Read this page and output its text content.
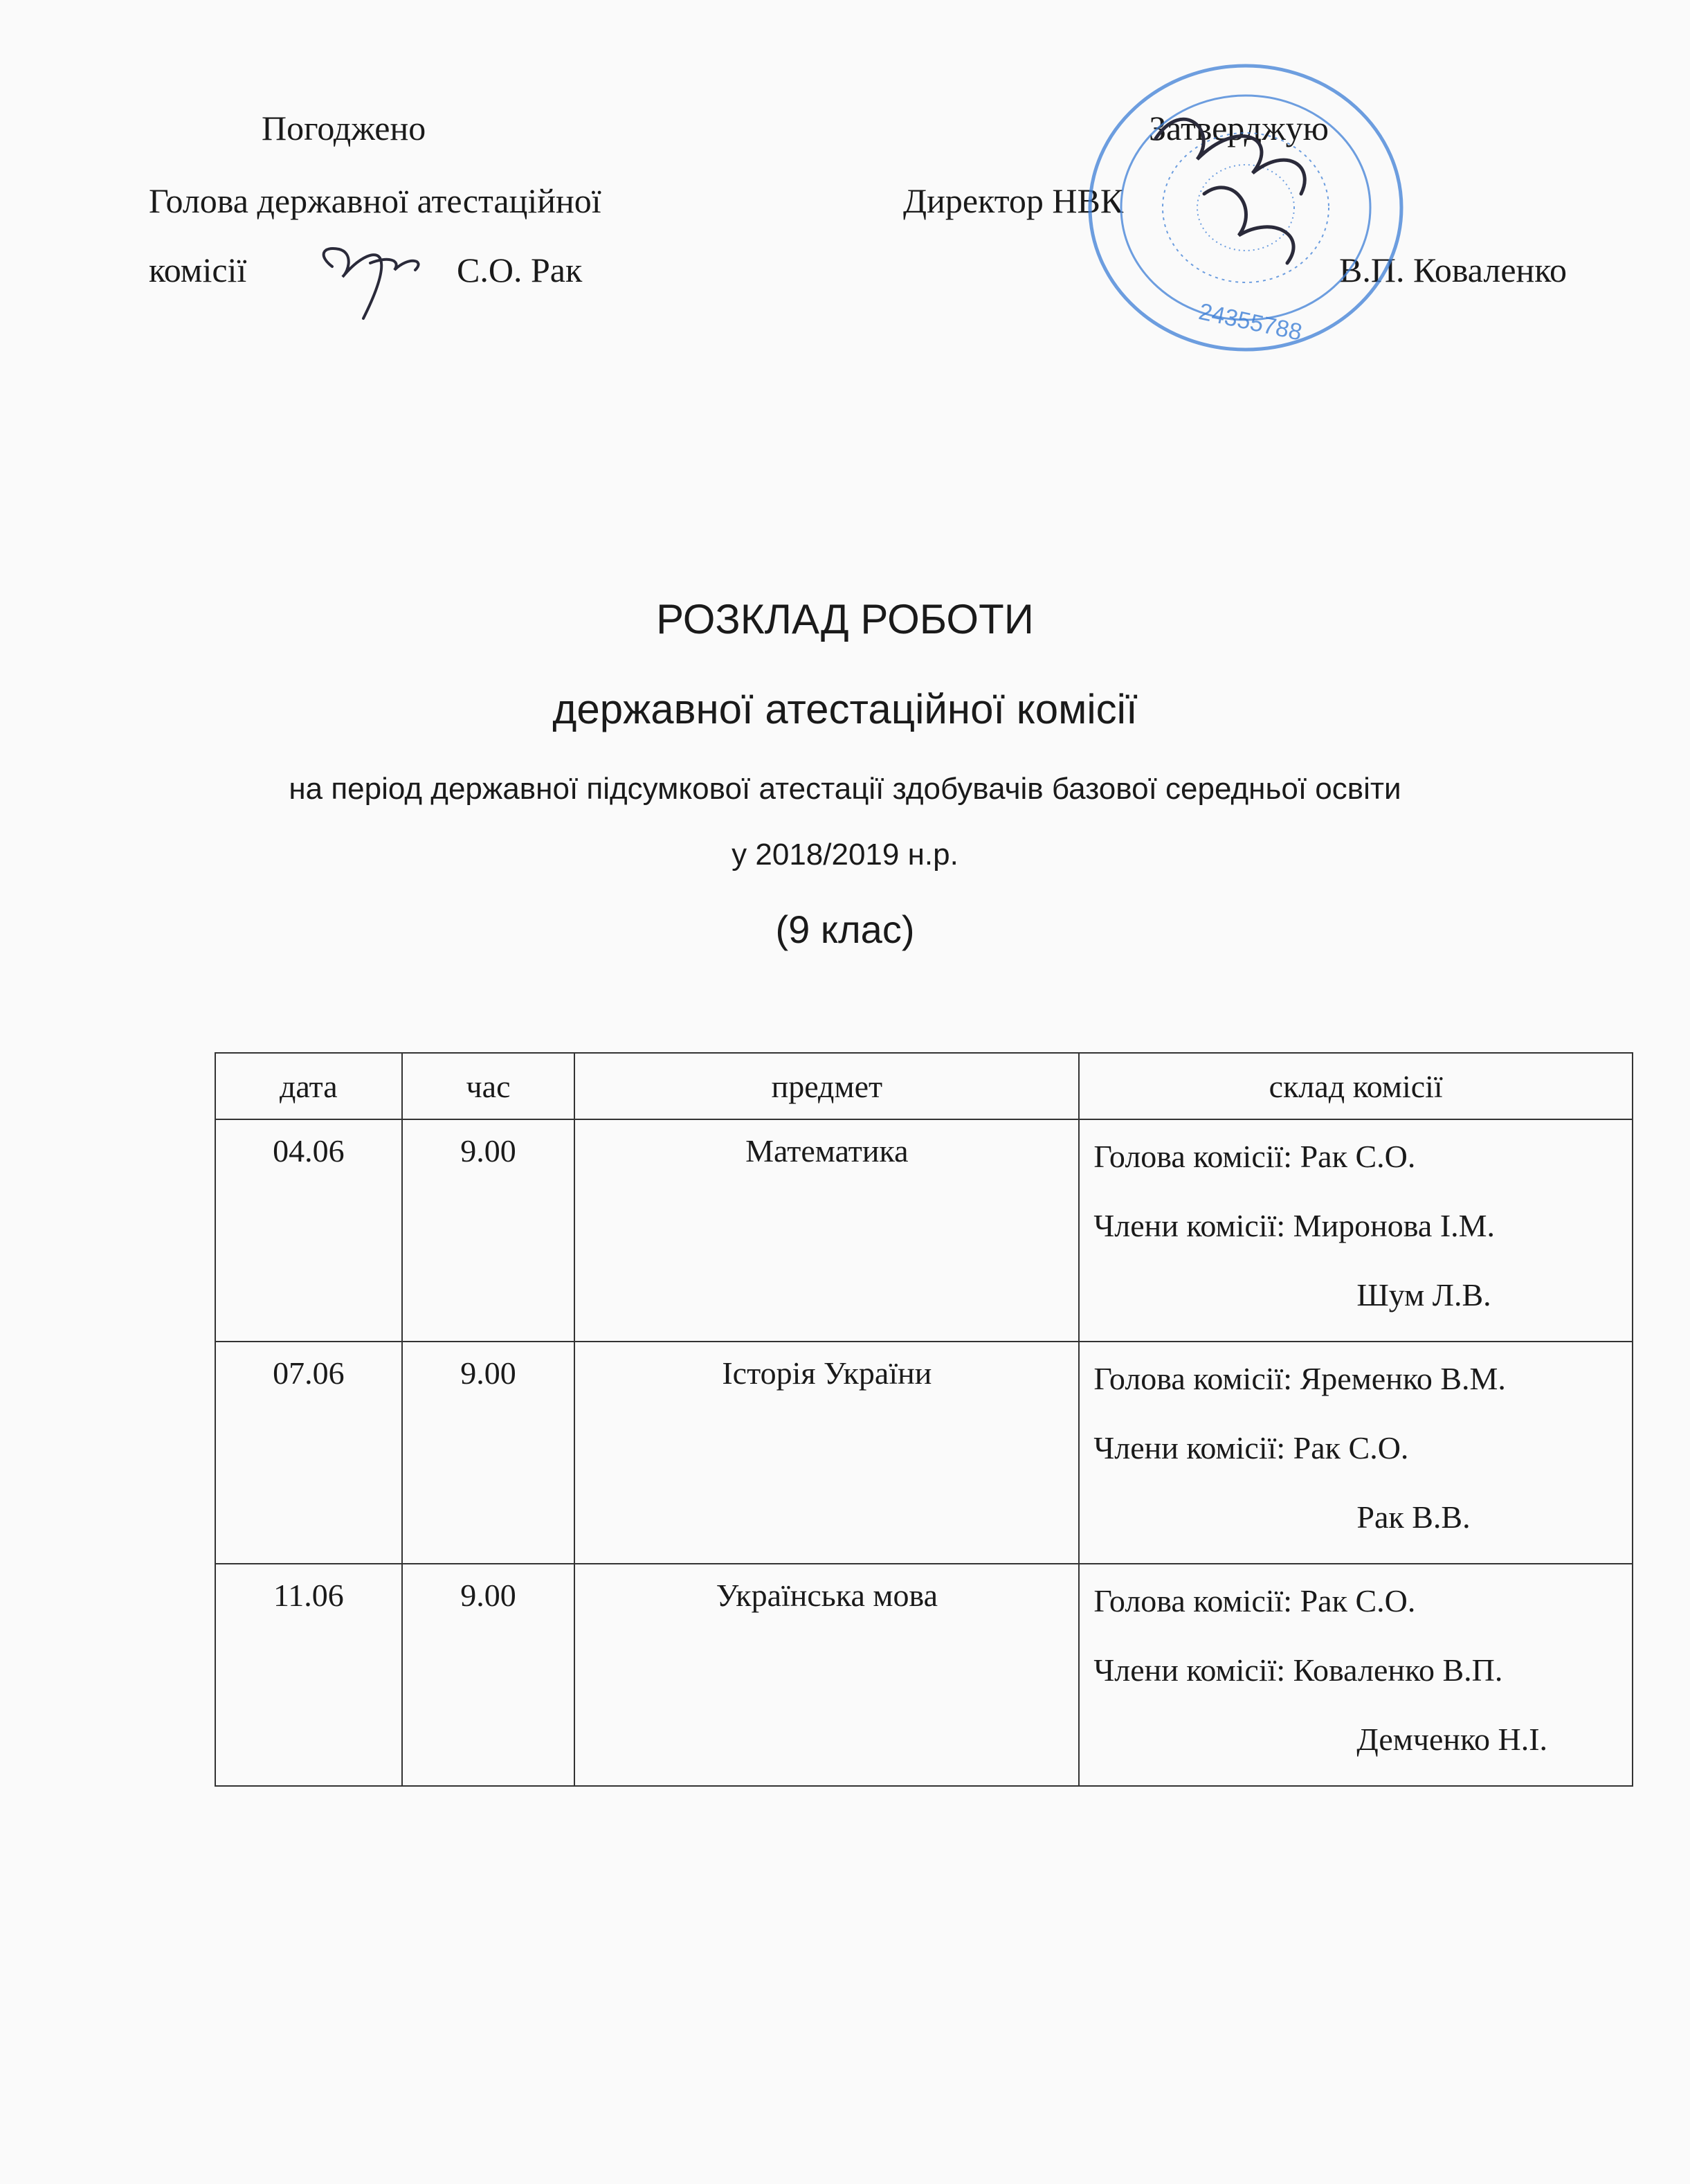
Погоджено
Голова державної атестаційної
комісії	С.О. Рак
Затверджую
Директор НВК
В.П. Коваленко
24355788
РОЗКЛАД РОБОТИ
державної атестаційної комісії
на період державної підсумкової атестації здобувачів базової середньої освіти
у 2018/2019 н.р.
(9 клас)
дата	час	предмет	склад комісії
04.06	9.00	Математика	Голова комісії: Рак С.О.
Члени комісії: Миронова І.М.
Шум Л.В.

07.06	9.00	Історія України	Голова комісії: Яременко В.М.
Члени комісії: Рак С.О.
Рак В.В.

11.06	9.00	Українська мова	Голова комісії: Рак С.О.
Члени комісії: Коваленко В.П.
Демченко Н.І.
